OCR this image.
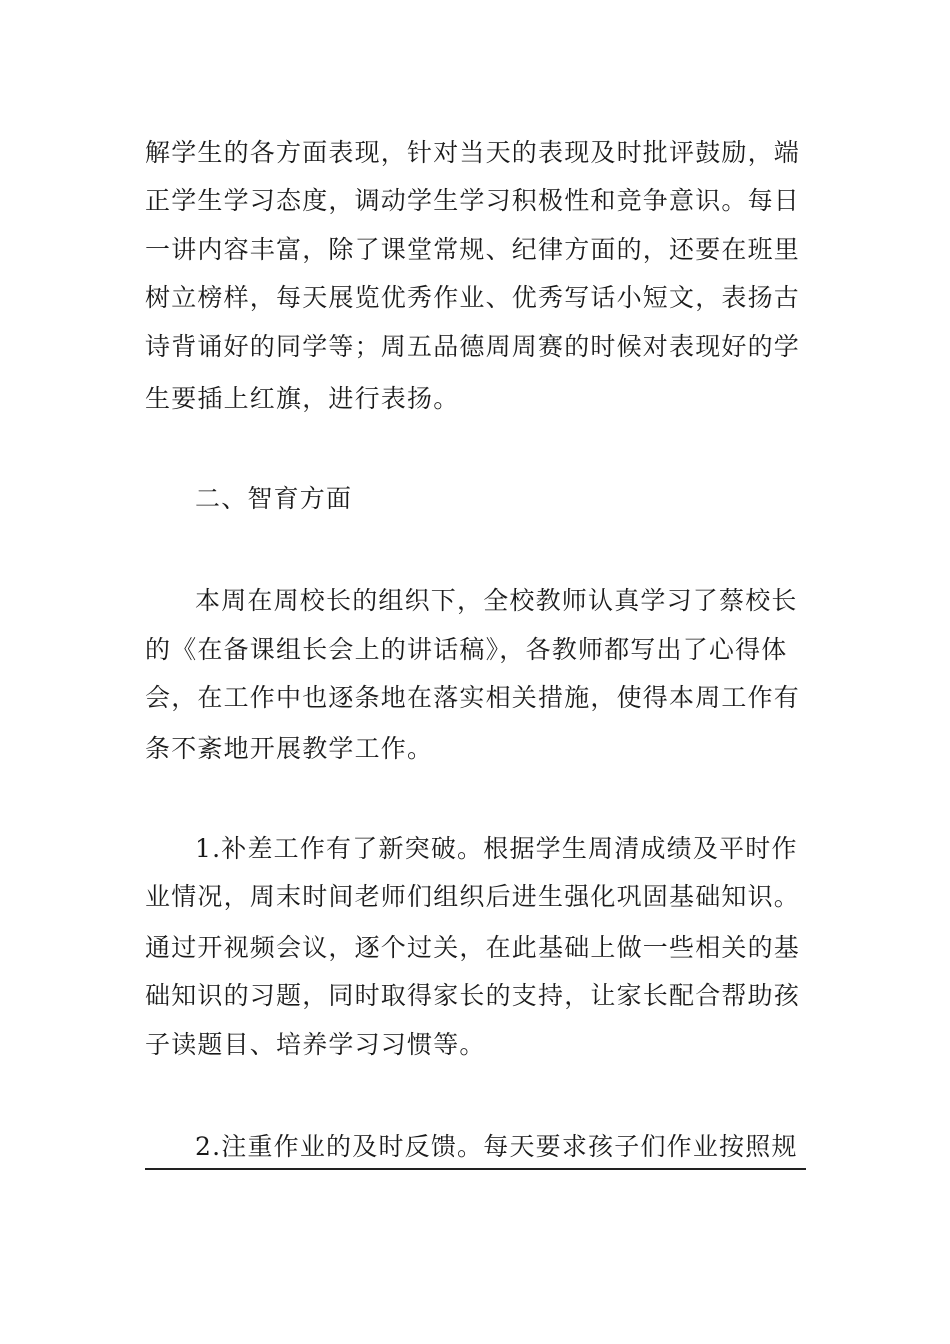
解学生的各方面表现，针对当天的表现及时批评鼓励，端
正学生学习态度，调动学生学习积极性和竞争意识。每日
一讲内容丰富，除了课堂常规、纪律方面的，还要在班里
树立榜样，每天展览优秀作业、优秀写话小短文，表扬古
诗背诵好的同学等；周五品德周周赛的时候对表现好的学
生要插上红旗，进行表扬。
二、智育方面
本周在周校长的组织下，全校教师认真学习了蔡校长
的《在备课组长会上的讲话稿》，各教师都写出了心得体
会，在工作中也逐条地在落实相关措施，使得本周工作有
条不紊地开展教学工作。
1.补差工作有了新突破。根据学生周清成绩及平时作
业情况，周末时间老师们组织后进生强化巩固基础知识。
通过开视频会议，逐个过关，在此基础上做一些相关的基
础知识的习题，同时取得家长的支持，让家长配合帮助孩
子读题目、培养学习习惯等。
2.注重作业的及时反馈。每天要求孩子们作业按照规
